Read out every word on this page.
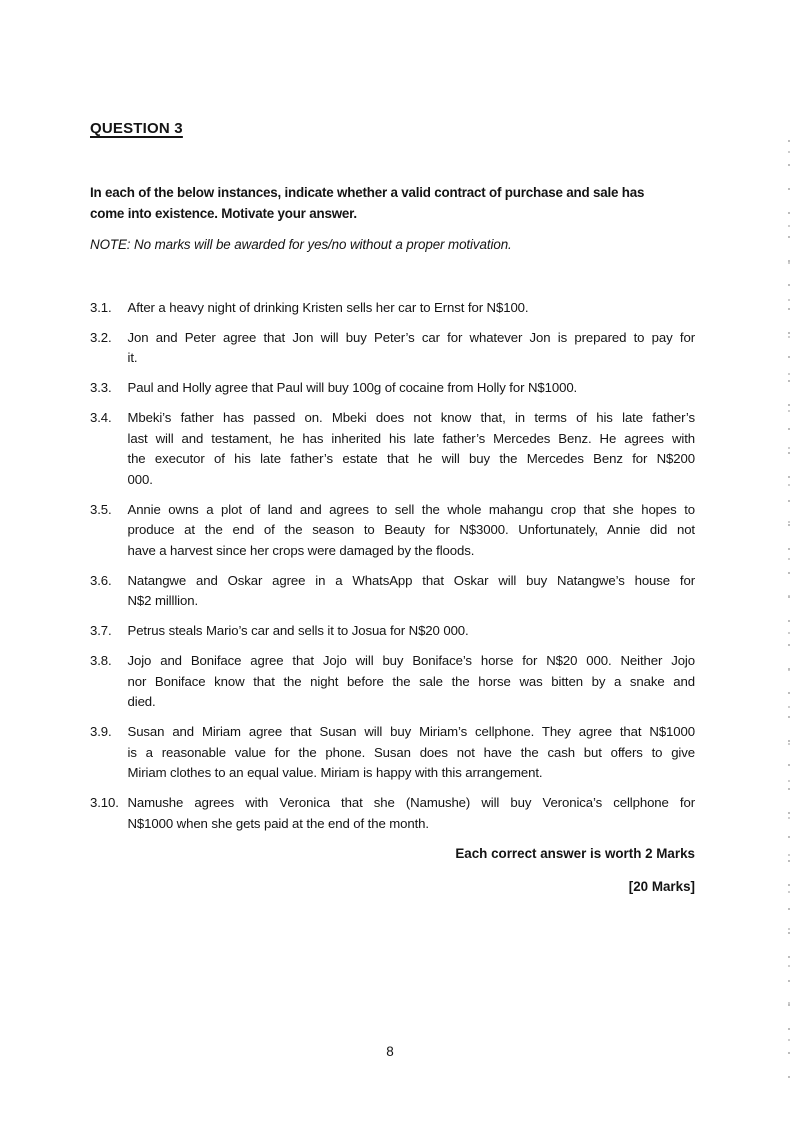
QUESTION 3
In each of the below instances, indicate whether a valid contract of purchase and sale has
come into existence. Motivate your answer.

NOTE: No marks will be awarded for yes/no without a proper motivation.

3.1. After a heavy night of drinking Kristen sells her car to Ernst for N$100.
3.2. Jon and Peter agree that Jon will buy Peter’s car for whatever Jon is prepared to pay for
it.
3.3. Paul and Holly agree that Paul will buy 100g of cocaine from Holly for N$1000.
3.4. Mbeki’s father has passed on. Mbeki does not know that, in terms of his late father’s
last will and testament, he has inherited his late father’s Mercedes Benz. He agrees with
the executor of his late father’s estate that he will buy the Mercedes Benz for N$200
000.
3.5. Annie owns a plot of land and agrees to sell the whole mahangu crop that she hopes to
produce at the end of the season to Beauty for N$3000. Unfortunately, Annie did not
have a harvest since her crops were damaged by the floods.
3.6. Natangwe and Oskar agree in a WhatsApp that Oskar will buy Natangwe’s house for
N$2 milllion.
3.7. Petrus steals Mario’s car and sells it to Josua for N$20 000.
3.8. Jojo and Boniface agree that Jojo will buy Boniface’s horse for N$20 000. Neither Jojo
nor Boniface know that the night before the sale the horse was bitten by a snake and
died.
3.9. Susan and Miriam agree that Susan will buy Miriam’s cellphone. They agree that N$1000
is a reasonable value for the phone. Susan does not have the cash but offers to give
Miriam clothes to an equal value. Miriam is happy with this arrangement.
3.10. Namushe agrees with Veronica that she (Namushe) will buy Veronica’s cellphone for
N$1000 when she gets paid at the end of the month.

Each correct answer is worth 2 Marks

[20 Marks]

8
